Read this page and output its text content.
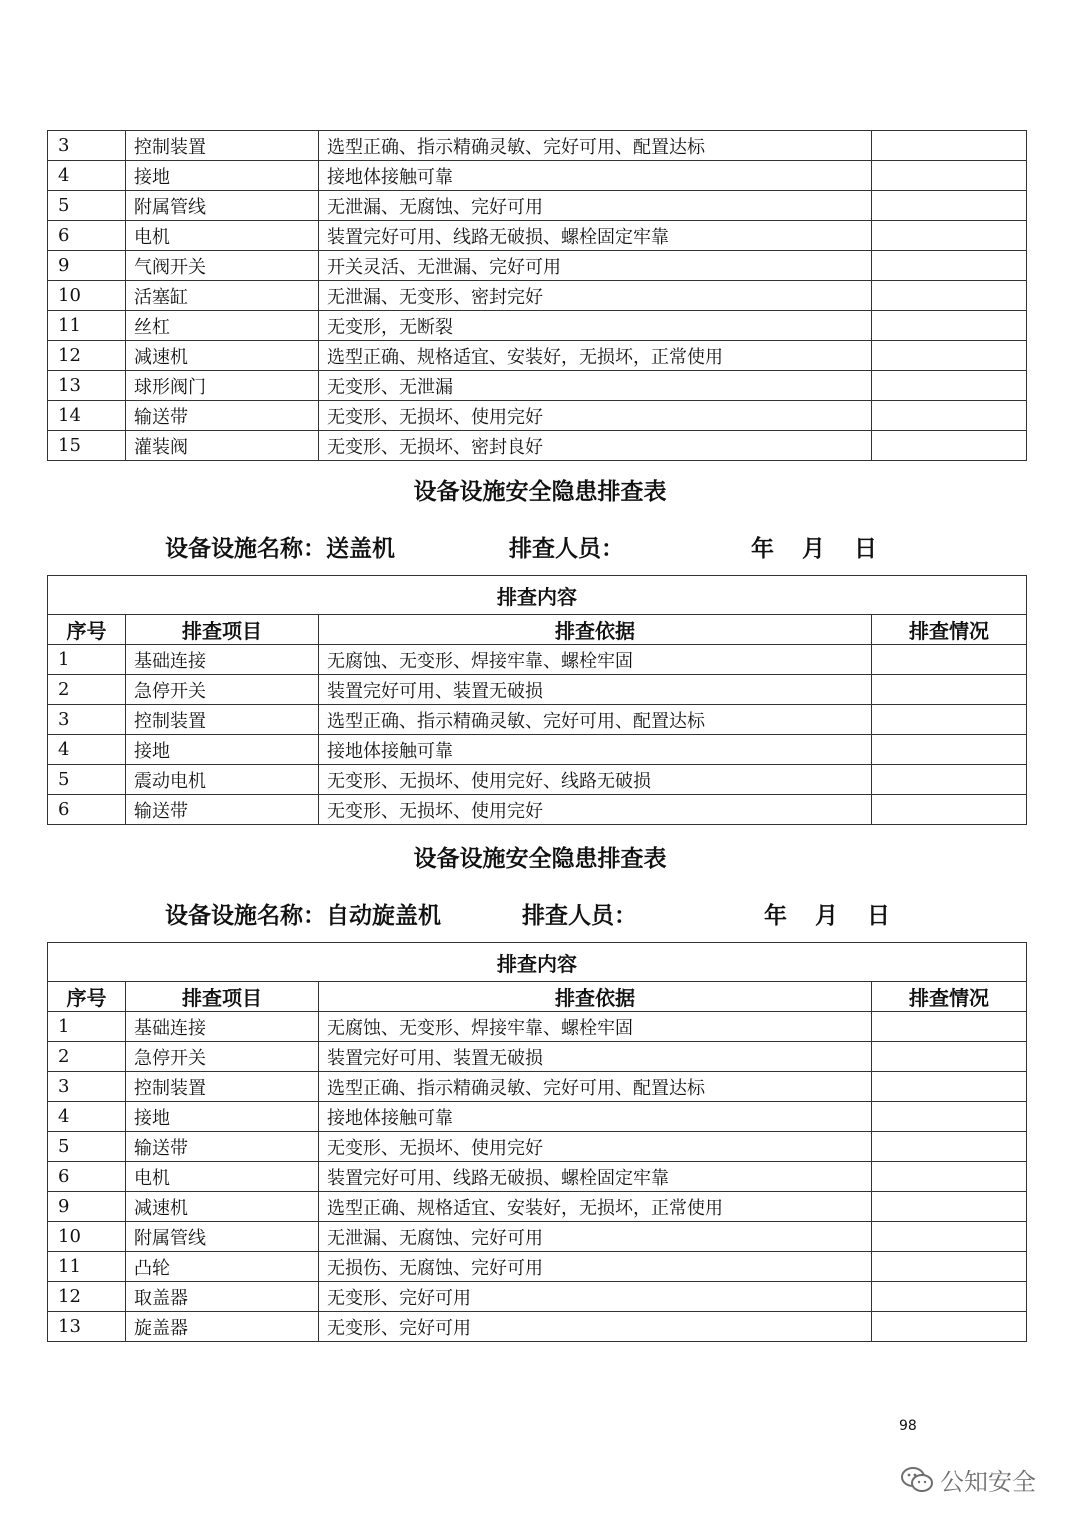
3	控制装置	选型正确、指示精确灵敏、完好可用、配置达标	
4	接地	接地体接触可靠	
5	附属管线	无泄漏、无腐蚀、完好可用	
6	电机	装置完好可用、线路无破损、螺栓固定牢靠	
9	气阀开关	开关灵活、无泄漏、完好可用	
10	活塞缸	无泄漏、无变形、密封完好	
11	丝杠	无变形，无断裂	
12	减速机	选型正确、规格适宜、安装好，无损坏，正常使用	
13	球形阀门	无变形、无泄漏	
14	输送带	无变形、无损坏、使用完好	
15	灌装阀	无变形、无损坏、密封良好	
设备设施安全隐患排查表
设备设施名称：送盖机	排查人员：	年 月 日
排查内容			
序号	排查项目	排查依据	排查情况
1	基础连接	无腐蚀、无变形、焊接牢靠、螺栓牢固	
2	急停开关	装置完好可用、装置无破损	
3	控制装置	选型正确、指示精确灵敏、完好可用、配置达标	
4	接地	接地体接触可靠	
5	震动电机	无变形、无损坏、使用完好、线路无破损	
6	输送带	无变形、无损坏、使用完好	
设备设施安全隐患排查表
设备设施名称：自动旋盖机	排查人员：	年 月 日
排查内容			
序号	排查项目	排查依据	排查情况
1	基础连接	无腐蚀、无变形、焊接牢靠、螺栓牢固	
2	急停开关	装置完好可用、装置无破损	
3	控制装置	选型正确、指示精确灵敏、完好可用、配置达标	
4	接地	接地体接触可靠	
5	输送带	无变形、无损坏、使用完好	
6	电机	装置完好可用、线路无破损、螺栓固定牢靠	
9	减速机	选型正确、规格适宜、安装好，无损坏，正常使用	
10	附属管线	无泄漏、无腐蚀、完好可用	
11	凸轮	无损伤、无腐蚀、完好可用	
12	取盖器	无变形、完好可用	
13	旋盖器	无变形、完好可用	
98
公知安全
